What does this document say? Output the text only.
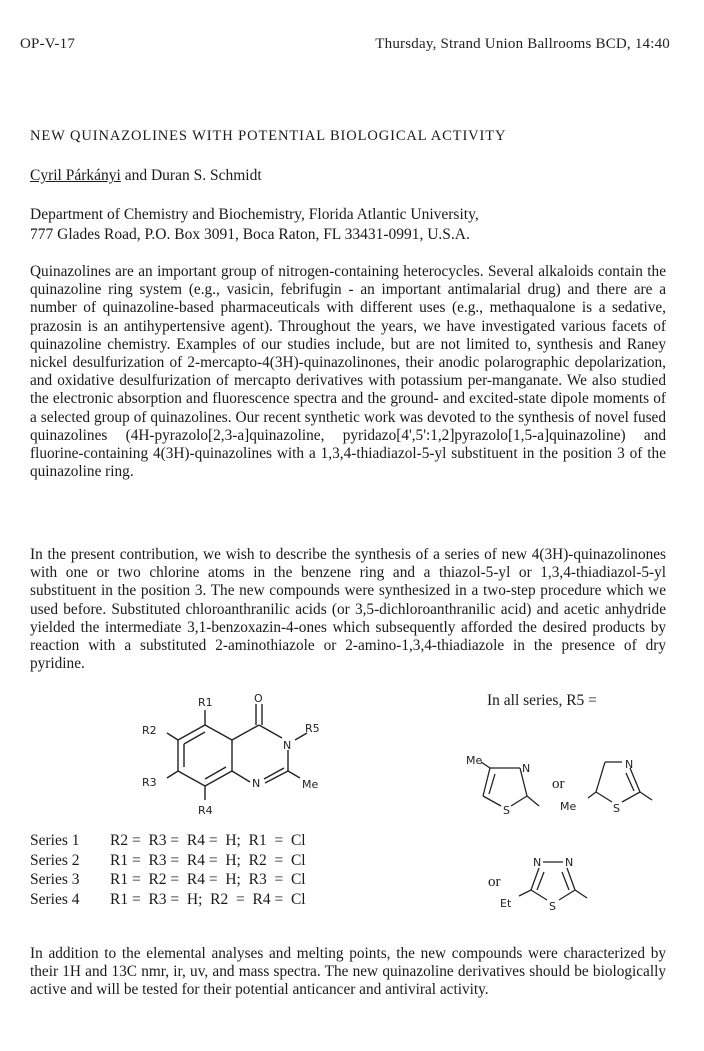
OP-V-17	Thursday, Strand Union Ballrooms BCD, 14:40
NEW QUINAZOLINES WITH POTENTIAL BIOLOGICAL ACTIVITY
Cyril Párkányi and Duran S. Schmidt
Department of Chemistry and Biochemistry, Florida Atlantic University,
777 Glades Road, P.O. Box 3091, Boca Raton, FL 33431-0991, U.S.A.

Quinazolines are an important group of nitrogen-containing heterocycles. Several alkaloids contain the quinazoline ring system (e.g., vasicin, febrifugin - an important antimalarial drug) and there are a number of quinazoline-based pharmaceuticals with different uses (e.g., methaqualone is a sedative, prazosin is an antihypertensive agent). Throughout the years, we have investigated various facets of quinazoline chemistry. Examples of our studies include, but are not limited to, synthesis and Raney nickel desulfurization of 2-mercapto-4(3H)-quinazolinones, their anodic polarographic depolarization, and oxidative desulfurization of mercapto derivatives with potassium per-manganate. We also studied the electronic absorption and fluorescence spectra and the ground- and excited-state dipole moments of a selected group of quinazolines. Our recent synthetic work was devoted to the synthesis of novel fused quinazolines (4H-pyrazolo[2,3-a]quinazoline, pyridazo[4',5':1,2]pyrazolo[1,5-a]quinazoline) and fluorine-containing 4(3H)-quinazolines with a 1,3,4-thiadiazol-5-yl substituent in the position 3 of the quinazoline ring.

In the present contribution, we wish to describe the synthesis of a series of new 4(3H)-quinazolinones with one or two chlorine atoms in the benzene ring and a thiazol-5-yl or 1,3,4-thiadiazol-5-yl substituent in the position 3. The new compounds were synthesized in a two-step procedure which we used before. Substituted chloroanthranilic acids (or 3,5-dichloroanthranilic acid) and acetic anhydride yielded the intermediate 3,1-benzoxazin-4-ones which subsequently afforded the desired products by reaction with a substituted 2-aminothiazole or 2-amino-1,3,4-thiadiazole in the presence of dry pyridine.

R1
R2
R3
R4
O
N
R5
N	Me
In all series, R5 =
Me
N
S
or
N
Me	S
Series 1	R2 =  R3 =  R4 =  H;  R1  =  Cl
Series 2	R1 =  R3 =  R4 =  H;  R2  =  Cl
Series 3	R1 =  R2 =  R4 =  H;  R3  =  Cl
Series 4	R1 =  R3 =  H;  R2  =  R4 =  Cl
or
N N
Et	S

In addition to the elemental analyses and melting points, the new compounds were characterized by their 1H and 13C nmr, ir, uv, and mass spectra. The new quinazoline derivatives should be biologically active and will be tested for their potential anticancer and antiviral activity.
